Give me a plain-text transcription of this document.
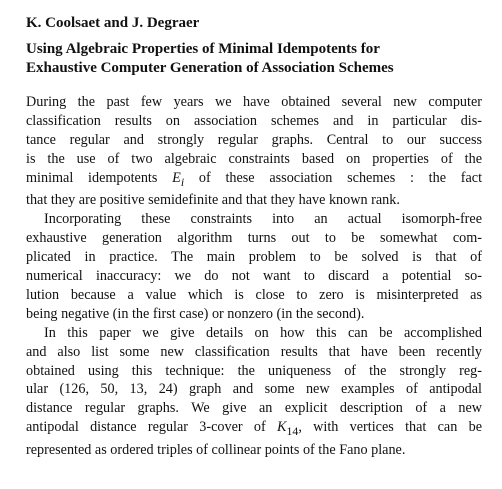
K. Coolsaet and J. Degraer
Using Algebraic Properties of Minimal Idempotents for
Exhaustive Computer Generation of Association Schemes

During the past few years we have obtained several new computer
classification results on association schemes and in particular dis-
tance regular and strongly regular graphs. Central to our success
is the use of two algebraic constraints based on properties of the
minimal idempotents $E_i$ of these association schemes : the fact
that they are positive semidefinite and that they have known rank.

Incorporating these constraints into an actual isomorph-free
exhaustive generation algorithm turns out to be somewhat com-
plicated in practice. The main problem to be solved is that of
numerical inaccuracy: we do not want to discard a potential so-
lution because a value which is close to zero is misinterpreted as
being negative (in the first case) or nonzero (in the second).

In this paper we give details on how this can be accomplished
and also list some new classification results that have been recently
obtained using this technique: the uniqueness of the strongly reg-
ular (126, 50, 13, 24) graph and some new examples of antipodal
distance regular graphs. We give an explicit description of a new
antipodal distance regular 3-cover of $K_{14}$, with vertices that can be
represented as ordered triples of collinear points of the Fano plane.
